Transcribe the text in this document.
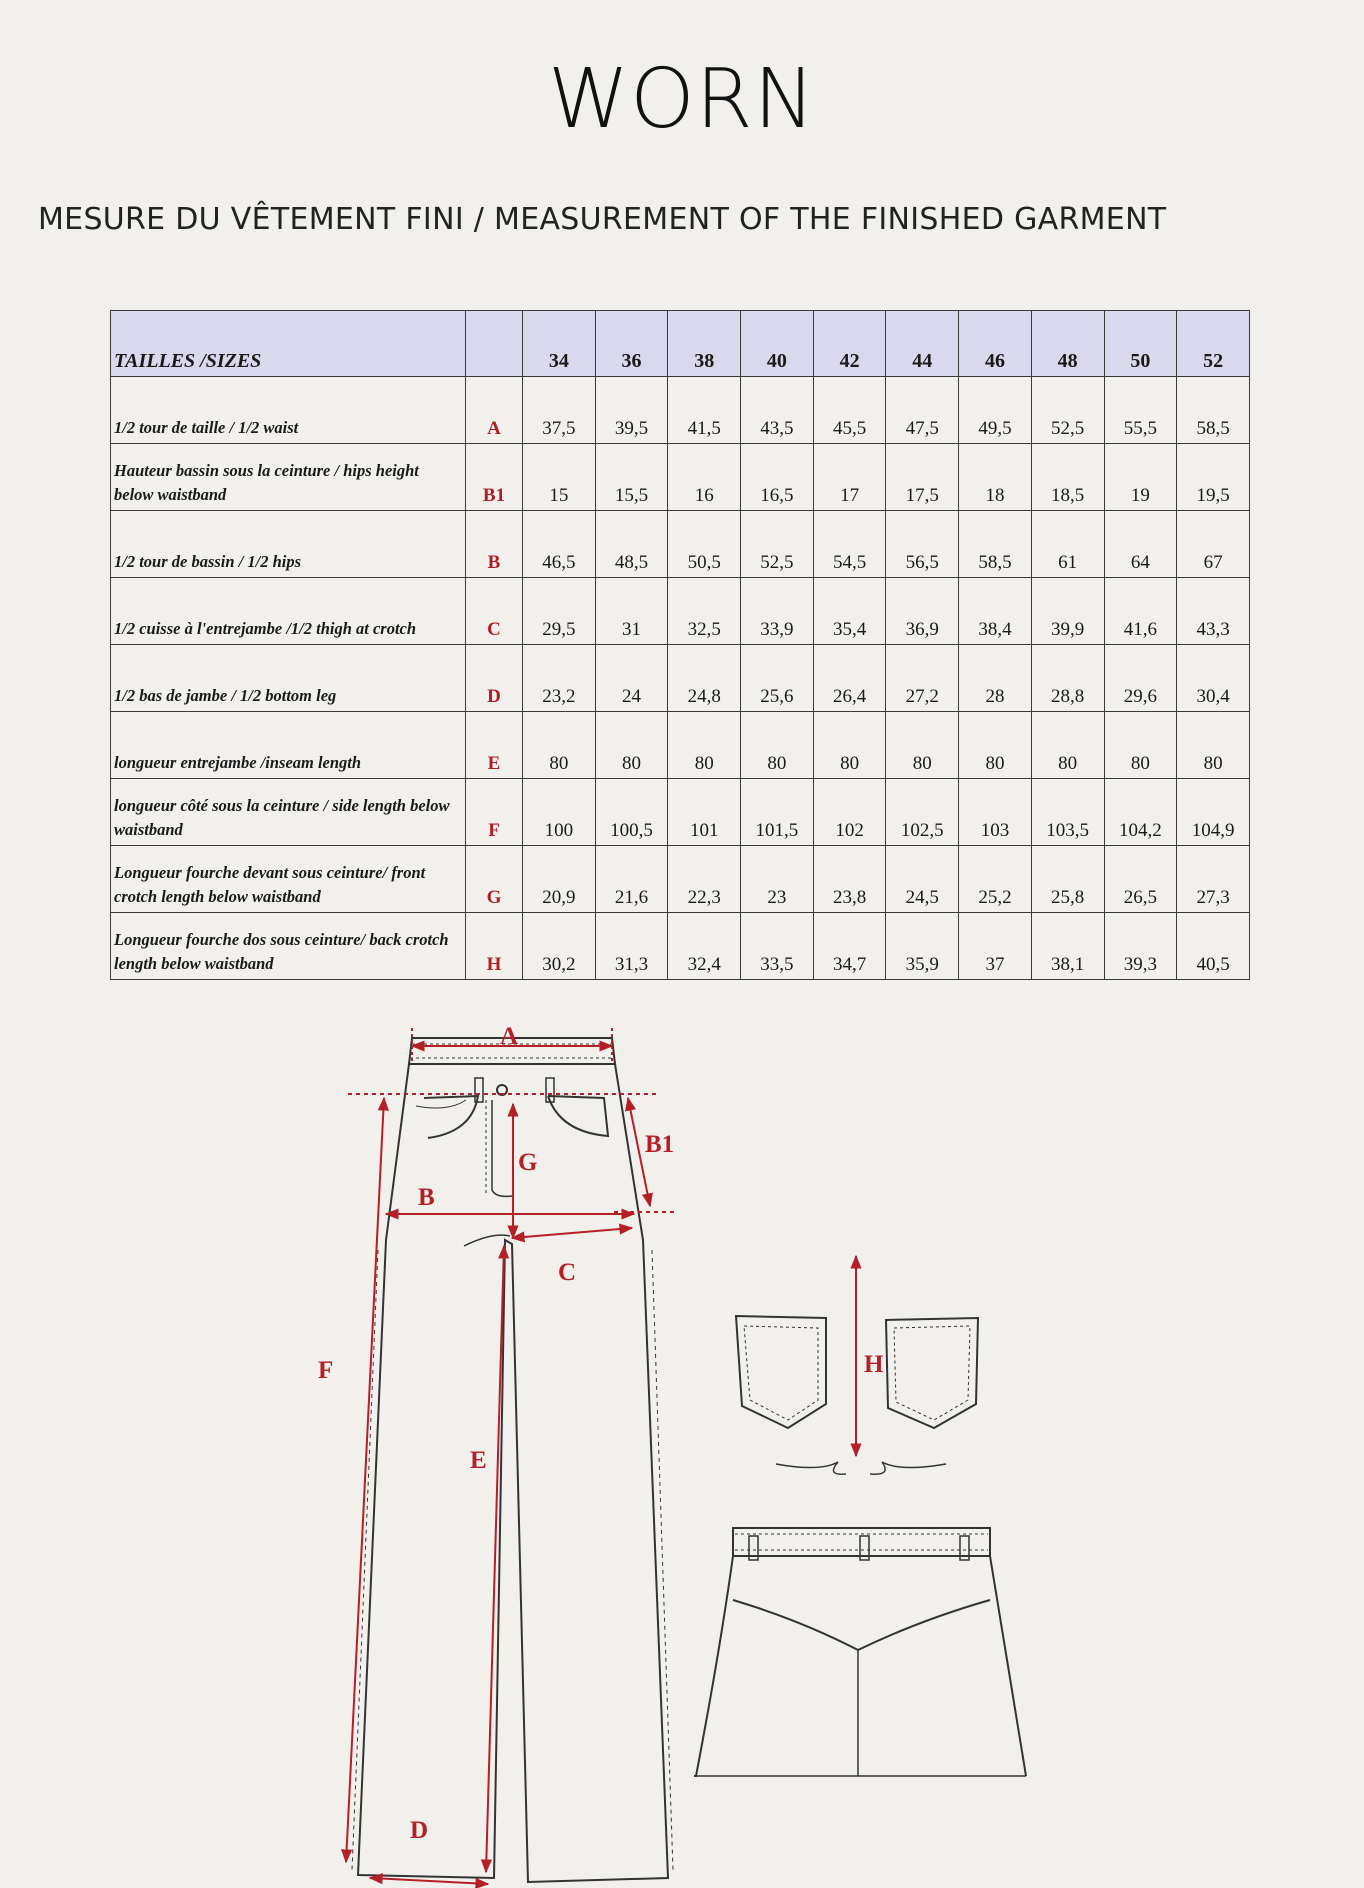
WORN
MESURE DU VÊTEMENT FINI / MEASUREMENT OF THE FINISHED GARMENT
TAILLES /SIZES		34	36	38	40	42	44	46	48	50	52
1/2 tour de taille / 1/2 waist	A	37,5	39,5	41,5	43,5	45,5	47,5	49,5	52,5	55,5	58,5
Hauteur bassin sous la ceinture / hips height below waistband	B1	15	15,5	16	16,5	17	17,5	18	18,5	19	19,5
1/2 tour de bassin / 1/2 hips	B	46,5	48,5	50,5	52,5	54,5	56,5	58,5	61	64	67
1/2 cuisse à l'entrejambe /1/2 thigh at crotch	C	29,5	31	32,5	33,9	35,4	36,9	38,4	39,9	41,6	43,3
1/2 bas de jambe / 1/2 bottom leg	D	23,2	24	24,8	25,6	26,4	27,2	28	28,8	29,6	30,4
longueur entrejambe /inseam length	E	80	80	80	80	80	80	80	80	80	80
longueur côté sous la ceinture / side length below waistband	F	100	100,5	101	101,5	102	102,5	103	103,5	104,2	104,9
Longueur fourche devant sous ceinture/ front crotch length below waistband	G	20,9	21,6	22,3	23	23,8	24,5	25,2	25,8	26,5	27,3
Longueur fourche dos sous ceinture/ back crotch length below waistband	H	30,2	31,3	32,4	33,5	34,7	35,9	37	38,1	39,3	40,5
A
B1
G
B
C
F
E
D
H
